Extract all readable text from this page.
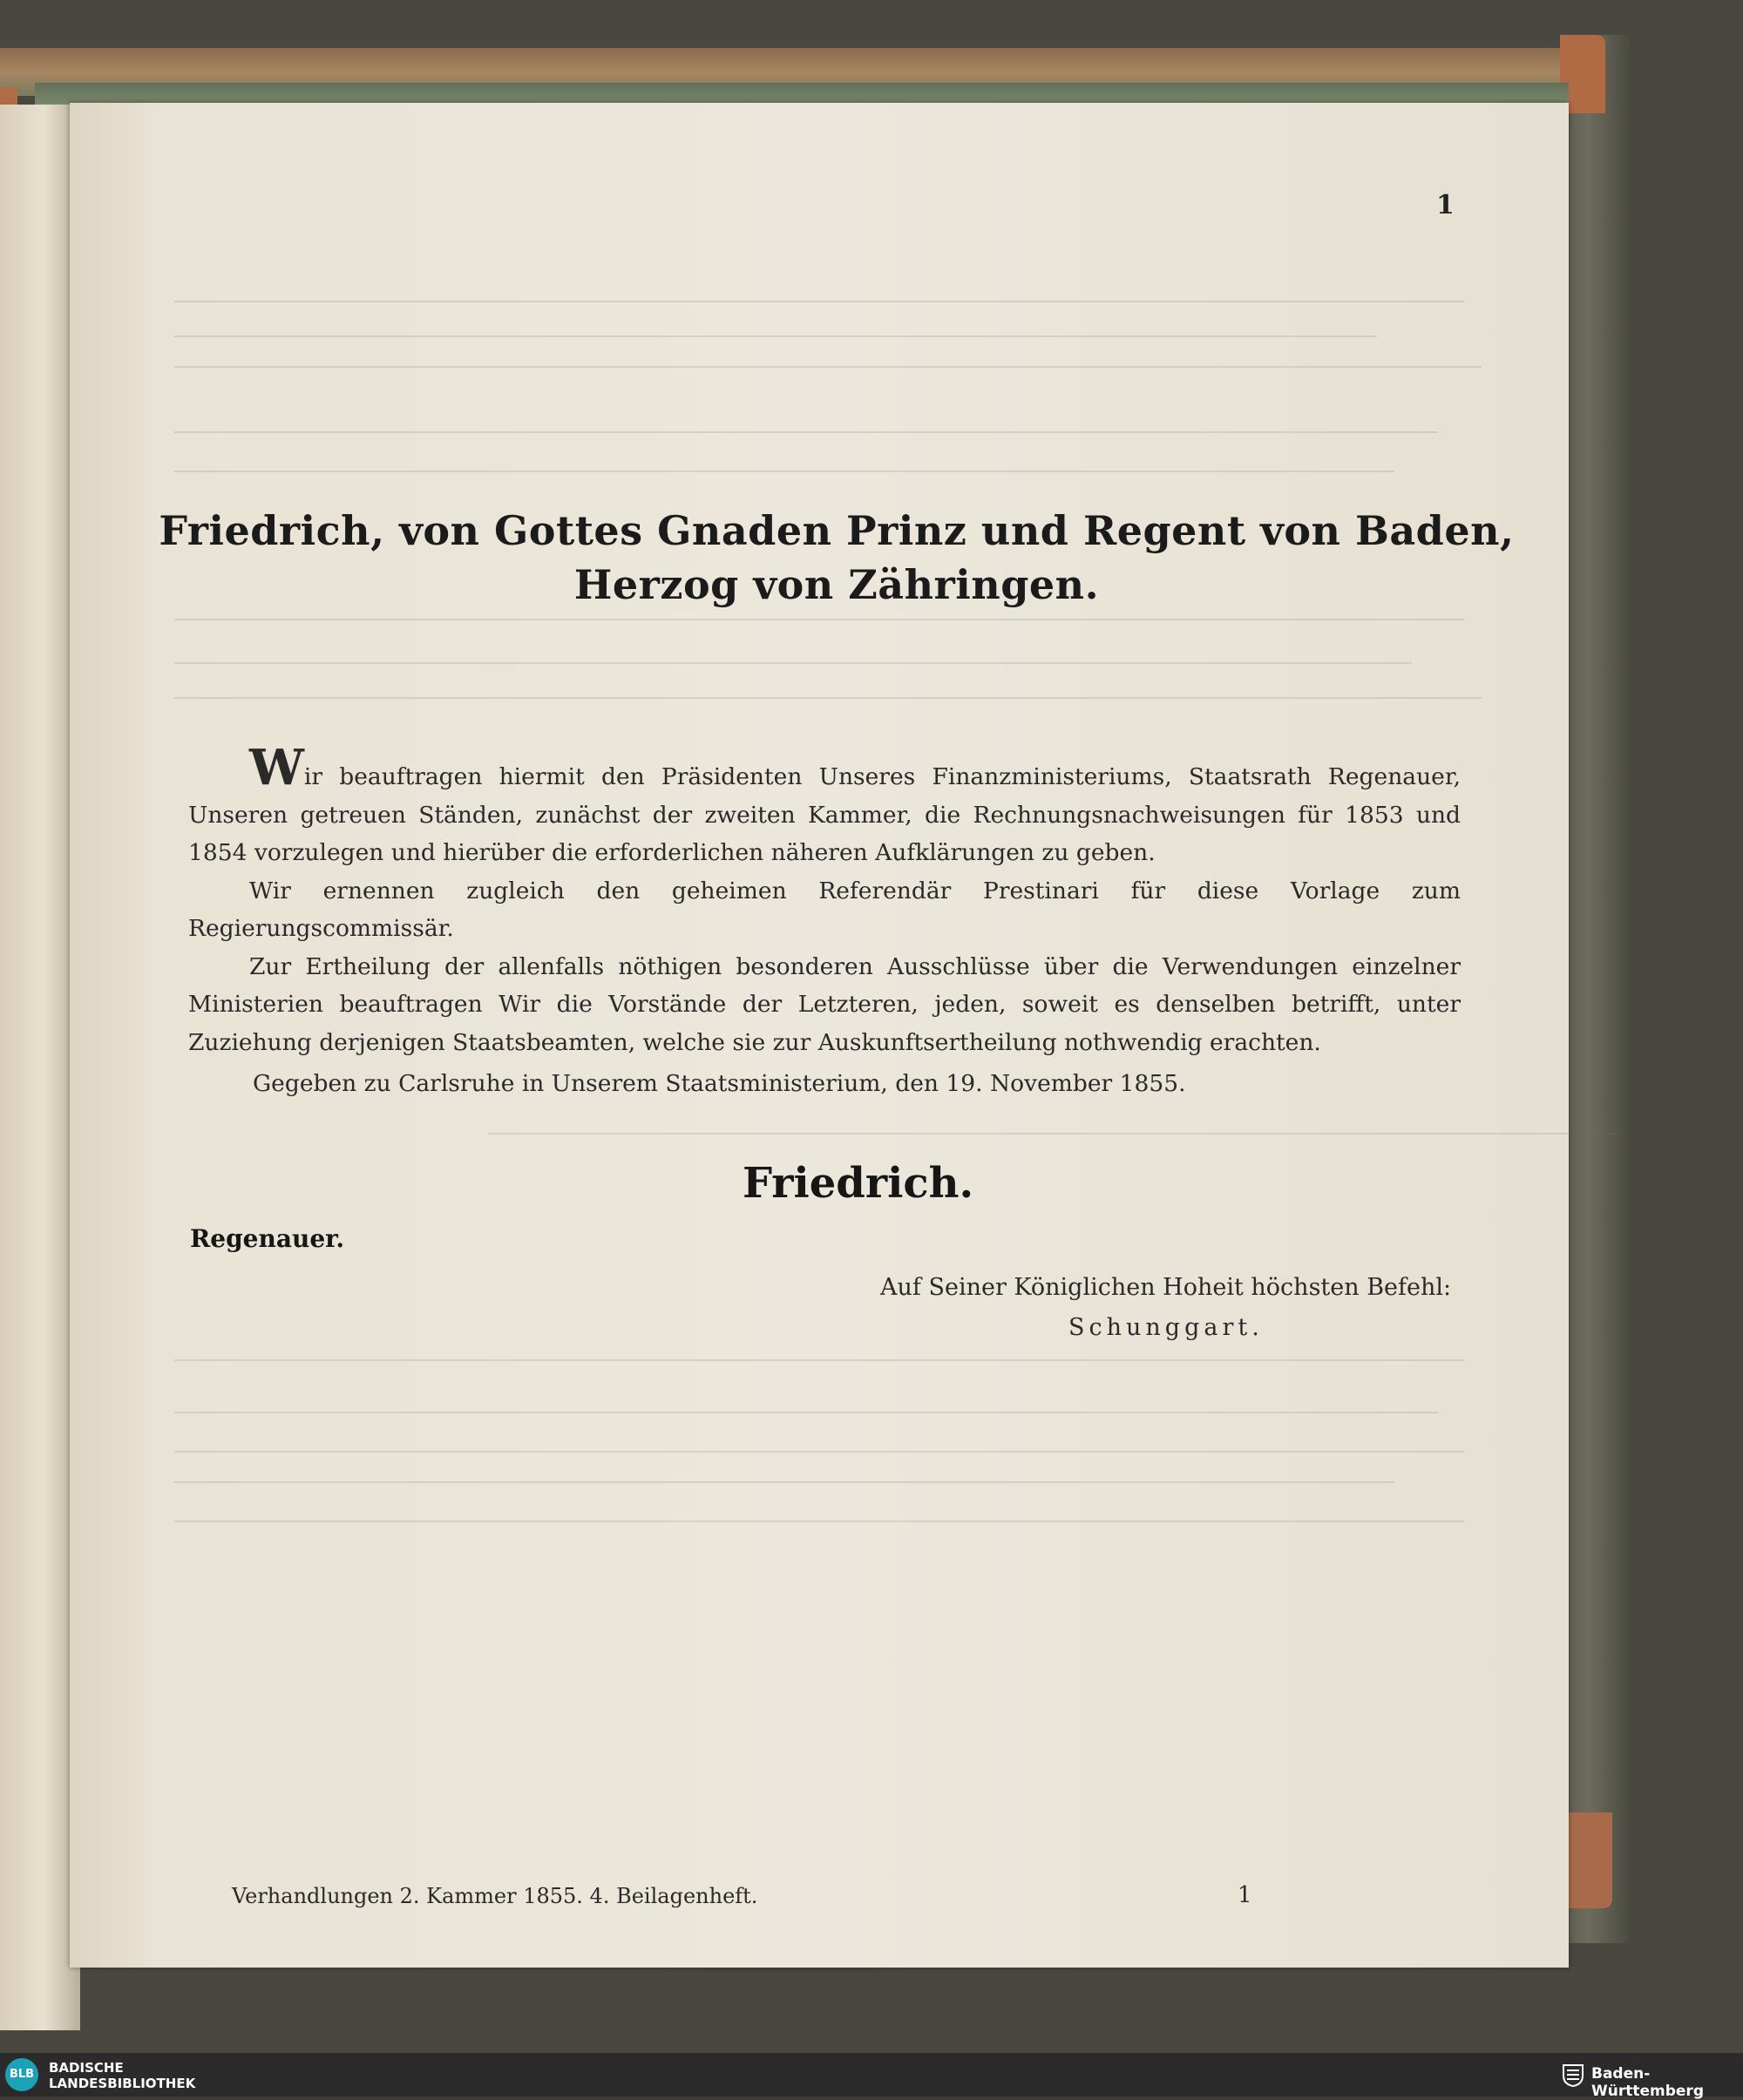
1
Friedrich, von Gottes Gnaden Prinz und Regent von Baden,
Herzog von Zähringen.

Wir beauftragen hiermit den Präsidenten Unseres Finanzministeriums, Staatsrath Regenauer, Unseren getreuen Ständen, zunächst der zweiten Kammer, die Rechnungsnachweisungen für 1853 und 1854 vorzulegen und hierüber die erforderlichen näheren Aufklärungen zu geben.

Wir ernennen zugleich den geheimen Referendär Prestinari für diese Vorlage zum Regierungscommissär.

Zur Ertheilung der allenfalls nöthigen besonderen Ausschlüsse über die Verwendungen einzelner Ministerien beauftragen Wir die Vorstände der Letzteren, jeden, soweit es denselben betrifft, unter Zuziehung derjenigen Staatsbeamten, welche sie zur Auskunftsertheilung nothwendig erachten.

Gegeben zu Carlsruhe in Unserem Staatsministerium, den 19. November 1855.
Friedrich.
Regenauer.
Auf Seiner Königlichen Hoheit höchsten Befehl:
Schunggart.
Verhandlungen 2. Kammer 1855. 4. Beilagenheft.	1
BLB	BADISCHE
LANDESBIBLIOTHEK
Baden-Württemberg
